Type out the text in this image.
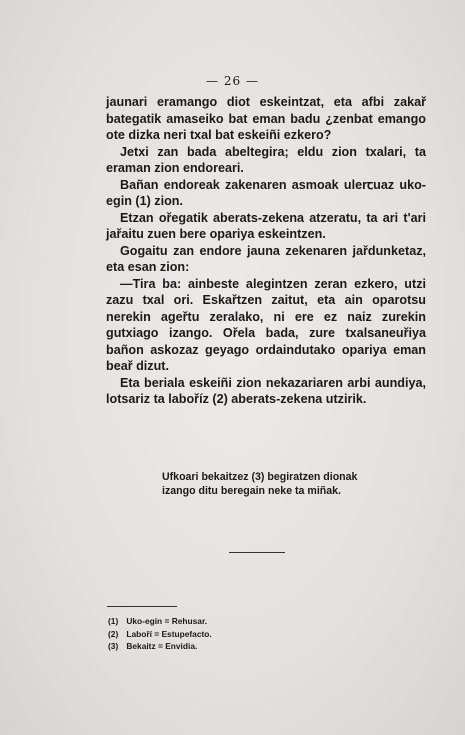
— 26 —

jaunari eramango diot eskeintzat, eta afbi zakař bategatik amaseiko bat eman badu ¿zenbat emango ote dizka neri txal bat eskeiñi ezkero?

Jetxi zan bada abeltegira; eldu zion txalari, ta eraman zion endoreari.

Bañan endoreak zakenaren asmoak ulerꞇuaz uko-egin (1) zion.

Etzan ořegatik aberats-zekena atzeratu, ta ari t'ari jařaitu zuen bere opariya eskeintzen.

Gogaitu zan endore jauna zekenaren jařdunketaz, eta esan zion:

—Tira ba: ainbeste alegintzen zeran ezkero, utzi zazu txal ori. Eskařtzen zaitut, eta ain oparotsu nerekin ageřtu zeralako, ni ere ez naiz zurekin gutxiago izango. Ořela bada, zure txalsaneuřiya bañon askozaz geyago ordaindutako opariya eman beař dizut.

Eta beriala eskeiñi zion nekazariaren arbi aundiya, lotsariz ta laboříz (2) aberats-zekena utzirik.

Ufkoari bekaitzez (3) begiratzen dionak
izango ditu beregain neke ta miñak.
(1) Uko-egin = Rehusar.
(2) Laboří = Estupefacto.
(3) Bekaitz = Envidia.
